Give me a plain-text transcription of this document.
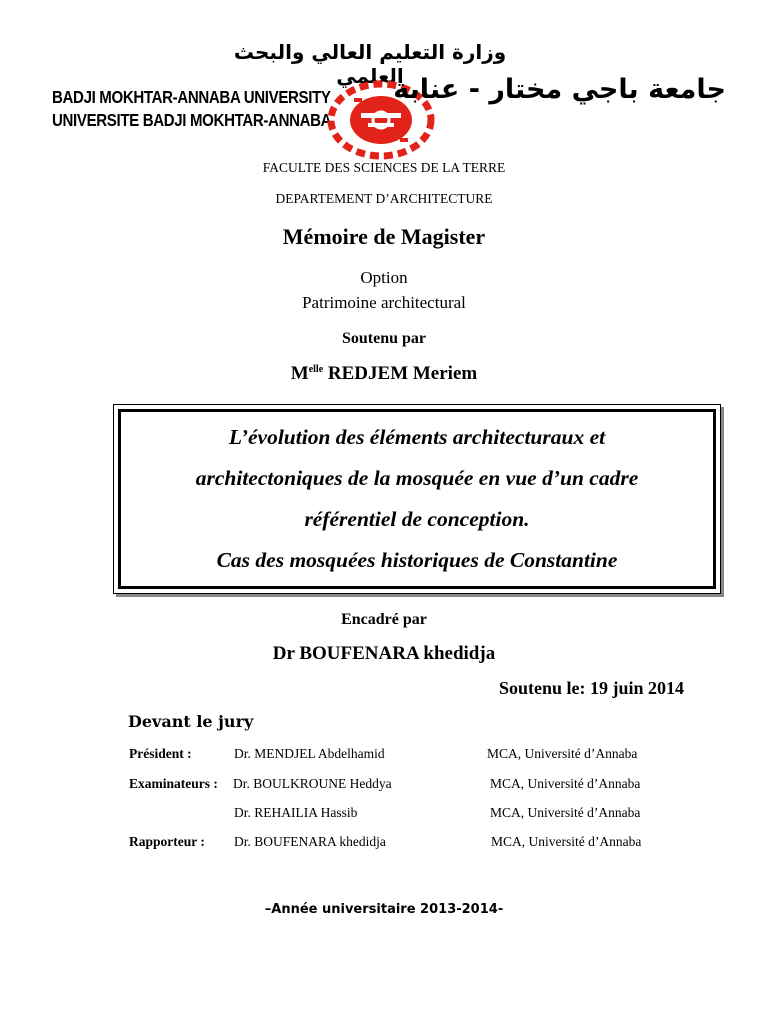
وزارة التعليم العالي والبحث العلمي
BADJI MOKHTAR-ANNABA UNIVERSITY
UNIVERSITE BADJI MOKHTAR-ANNABA
جامعة باجي مختار - عنابة
FACULTE DES SCIENCES DE LA TERRE
DEPARTEMENT D’ARCHITECTURE
Mémoire de Magister
Option
Patrimoine architectural
Soutenu par
$M^{elle}$ REDJEM Meriem
L’évolution des éléments architecturaux et
architectoniques de la mosquée en vue d’un cadre
référentiel de conception.
Cas des mosquées historiques de Constantine
Encadré par
Dr BOUFENARA khedidja
Soutenu le: 19 juin 2014
Devant le jury
Président :	Dr. MENDJEL Abdelhamid	MCA, Université d’Annaba
Examinateurs : Dr. BOULKROUNE Heddya	MCA, Université d’Annaba
Dr. REHAILIA Hassib	MCA, Université d’Annaba
Rapporteur : Dr. BOUFENARA khedidja	MCA, Université d’Annaba
–Année universitaire 2013-2014-
